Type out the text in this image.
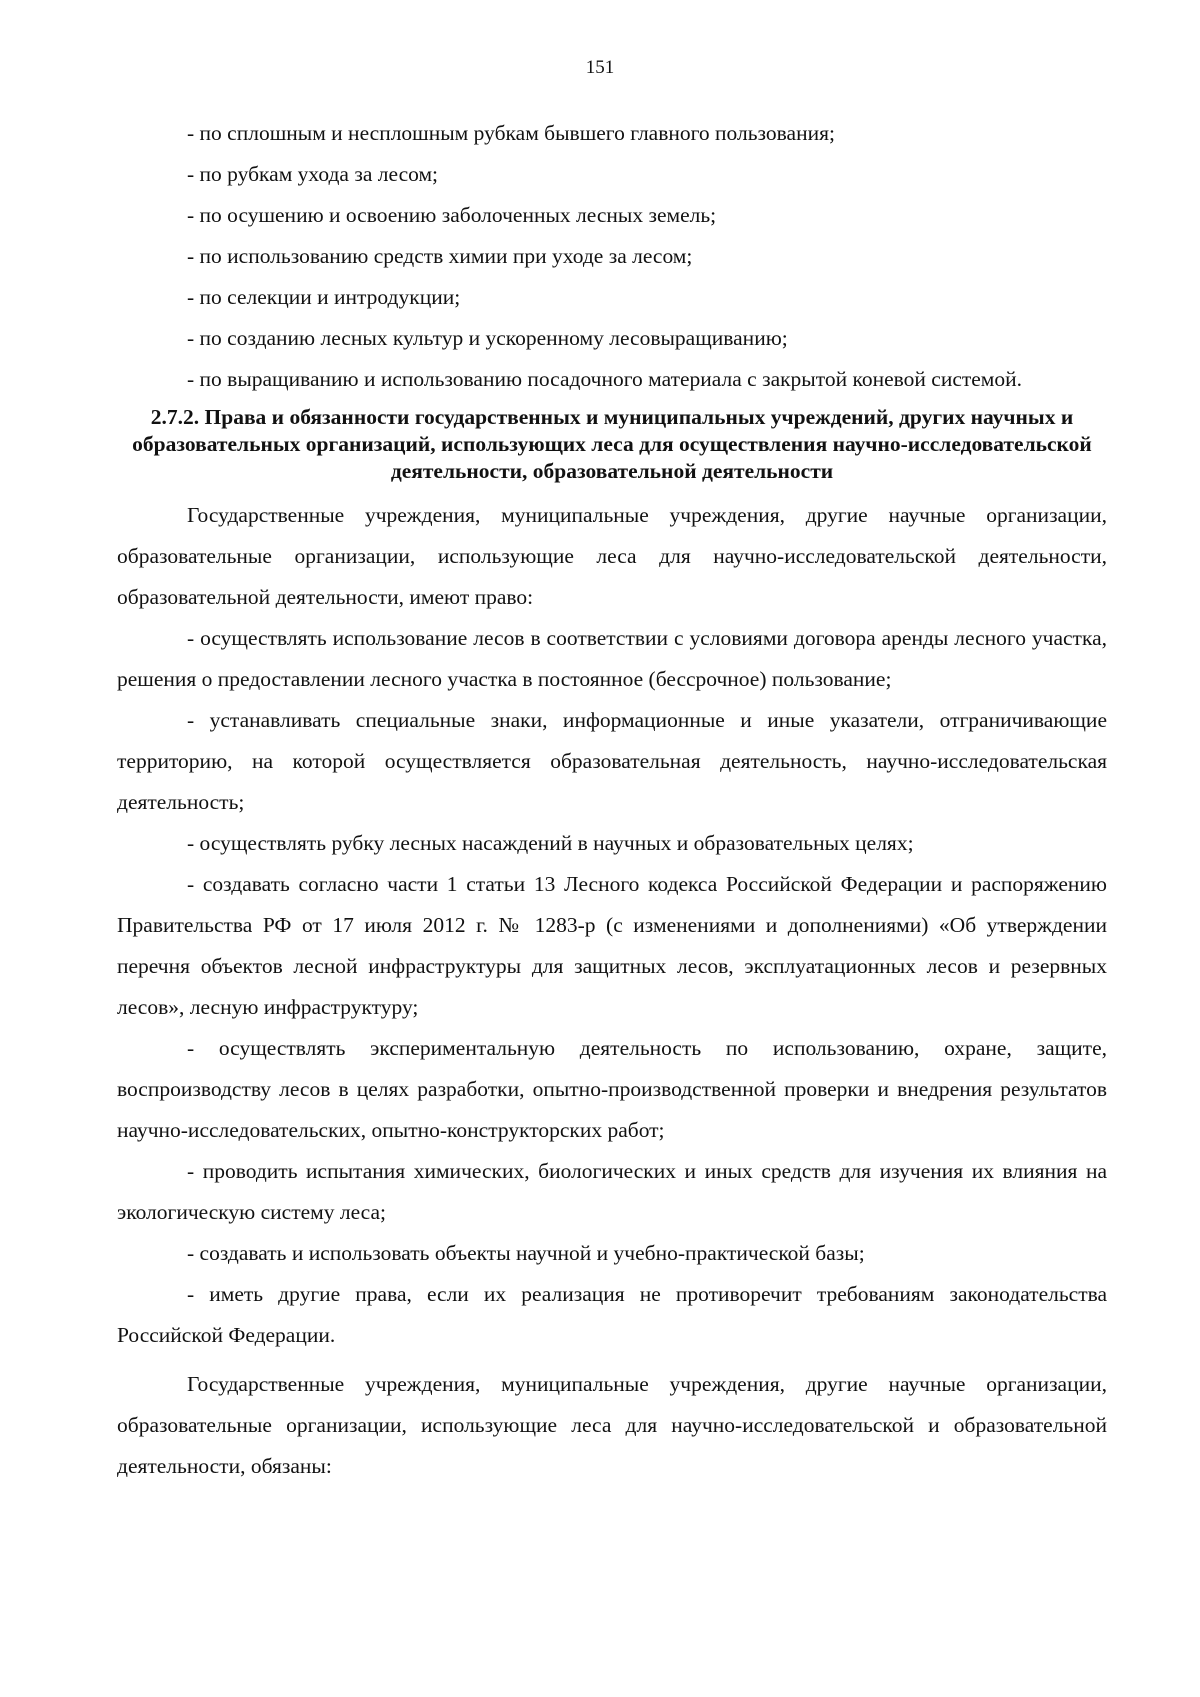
151

- по сплошным и несплошным рубкам бывшего главного пользования;

- по рубкам ухода за лесом;

- по осушению и освоению заболоченных лесных земель;

- по использованию средств химии при уходе за лесом;

- по селекции и интродукции;

- по созданию лесных культур и ускоренному лесовыращиванию;

- по выращиванию и использованию посадочного материала с закрытой коневой системой.

2.7.2. Права и обязанности государственных и муниципальных учреждений, других научных и образовательных организаций, использующих леса для осуществления научно-исследовательской деятельности, образовательной деятельности

Государственные учреждения, муниципальные учреждения, другие научные организации, образовательные организации, использующие леса для научно-исследовательской деятельности, образовательной деятельности, имеют право:

- осуществлять использование лесов в соответствии с условиями договора аренды лесного участка, решения о предоставлении лесного участка в постоянное (бессрочное) пользование;

- устанавливать специальные знаки, информационные и иные указатели, отграничивающие территорию, на которой осуществляется образовательная деятельность, научно-исследовательская деятельность;

- осуществлять рубку лесных насаждений в научных и образовательных целях;

- создавать согласно части 1 статьи 13 Лесного кодекса Российской Федерации и распоряжению Правительства РФ от 17 июля 2012 г. № 1283-р (с изменениями и дополнениями) «Об утверждении перечня объектов лесной инфраструктуры для защитных лесов, эксплуатационных лесов и резервных лесов», лесную инфраструктуру;

- осуществлять экспериментальную деятельность по использованию, охране, защите, воспроизводству лесов в целях разработки, опытно-производственной проверки и внедрения результатов научно-исследовательских, опытно-конструкторских работ;

- проводить испытания химических, биологических и иных средств для изучения их влияния на экологическую систему леса;

- создавать и использовать объекты научной и учебно-практической базы;

- иметь другие права, если их реализация не противоречит требованиям законодательства Российской Федерации.

Государственные учреждения, муниципальные учреждения, другие научные организации, образовательные организации, использующие леса для научно-исследовательской и образовательной деятельности, обязаны:
